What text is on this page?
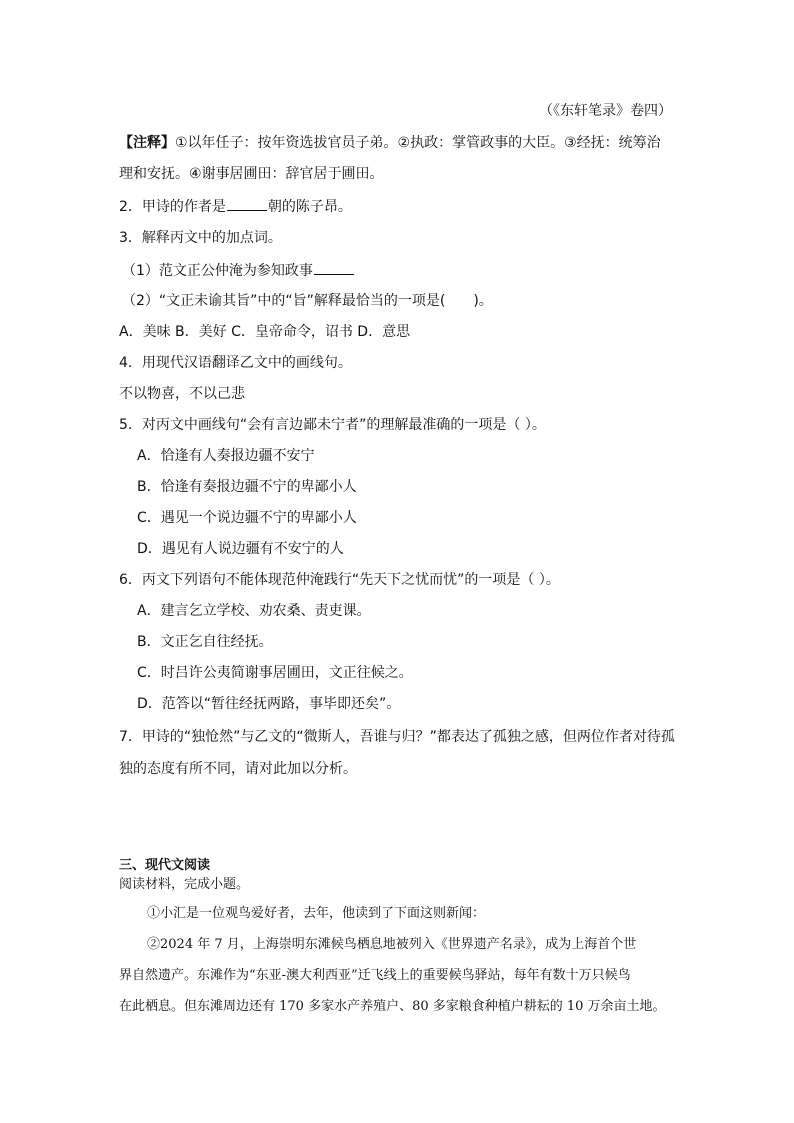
（《东轩笔录》卷四）
【注释】①以年任子：按年资选拔官员子弟。②执政：掌管政事的大臣。③经抚：统筹治
理和安抚。④谢事居圃田：辞官居于圃田。
2．甲诗的作者是	朝的陈子昂。
3．解释丙文中的加点词。
（1）范文正公仲淹为参知政事
（2）“文正未谕其旨”中的“旨”解释最恰当的一项是(　　)。
A．美味 B．美好 C．皇帝命令，诏书 D．意思
4．用现代汉语翻译乙文中的画线句。
不以物喜，不以己悲
5．对丙文中画线句“会有言边鄙未宁者”的理解最准确的一项是（ ）。
A．恰逢有人奏报边疆不安宁
B．恰逢有奏报边疆不宁的卑鄙小人
C．遇见一个说边疆不宁的卑鄙小人
D．遇见有人说边疆有不安宁的人
6．丙文下列语句不能体现范仲淹践行“先天下之忧而忧”的一项是（ ）。
A．建言乞立学校、劝农桑、责吏课。
B．文正乞自往经抚。
C．时吕许公夷简谢事居圃田，文正往候之。
D．范答以“暂往经抚两路，事毕即还矣”。
7．甲诗的“独怆然”与乙文的“微斯人，吾谁与归？”都表达了孤独之感，但两位作者对待孤
独的态度有所不同，请对此加以分析。
三、现代文阅读
阅读材料，完成小题。
①小汇是一位观鸟爱好者，去年，他读到了下面这则新闻：
②2024 年 7 月，上海崇明东滩候鸟栖息地被列入《世界遗产名录》，成为上海首个世
界自然遗产。东滩作为“东亚-澳大利西亚”迁飞线上的重要候鸟驿站，每年有数十万只候鸟
在此栖息。但东滩周边还有 170 多家水产养殖户、80 多家粮食种植户耕耘的 10 万余亩土地。
